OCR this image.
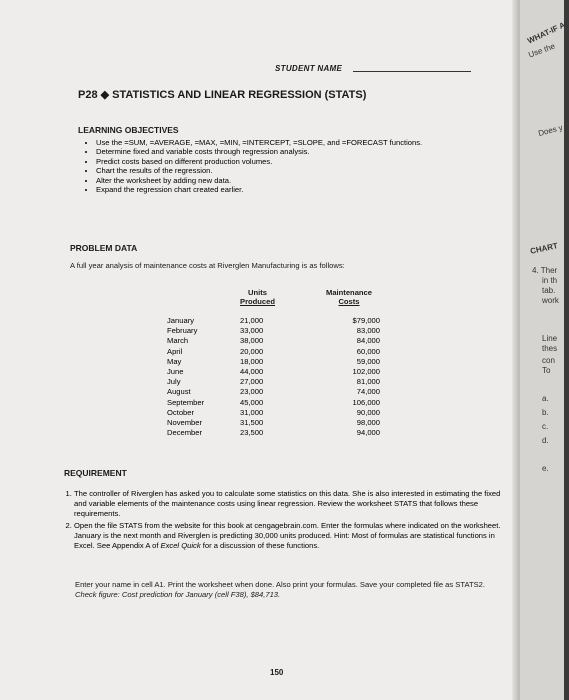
STUDENT NAME
P28 ◆ STATISTICS AND LINEAR REGRESSION (STATS)
LEARNING OBJECTIVES
• Use the =SUM, =AVERAGE, =MAX, =MIN, =INTERCEPT, =SLOPE, and =FORECAST functions.
• Determine fixed and variable costs through regression analysis.
• Predict costs based on different production volumes.
• Chart the results of the regression.
• Alter the worksheet by adding new data.
• Expand the regression chart created earlier.
PROBLEM DATA
A full year analysis of maintenance costs at Riverglen Manufacturing is as follows:
Units
Produced
Maintenance
Costs
January
February
March
April
May
June
July
August
September
October
November
December
21,000
33,000
38,000
20,000
18,000
44,000
27,000
23,000
45,000
31,000
31,500
23,500
$79,000
83,000
84,000
60,000
59,000
102,000
81,000
74,000
106,000
90,000
98,000
94,000
REQUIREMENT
1. The controller of Riverglen has asked you to calculate some statistics on this data. She is also interested in estimating the fixed and variable elements of the maintenance costs using linear regression. Review the worksheet STATS that follows these requirements.
2. Open the file STATS from the website for this book at cengagebrain.com. Enter the formulas where indicated on the worksheet. January is the next month and Riverglen is predicting 30,000 units produced. Hint: Most of formulas are statistical functions in Excel. See Appendix A of Excel Quick for a discussion of these functions.
Enter your name in cell A1. Print the worksheet when done. Also print your formulas. Save your completed file as STATS2. Check figure: Cost prediction for January (cell F38), $84,713.
150
WHAT-IF AI
Use the
Does y
CHART
4. Ther
in th
tab.
work
Line
thes
con
To
a.
b.
c.
d.
e.
